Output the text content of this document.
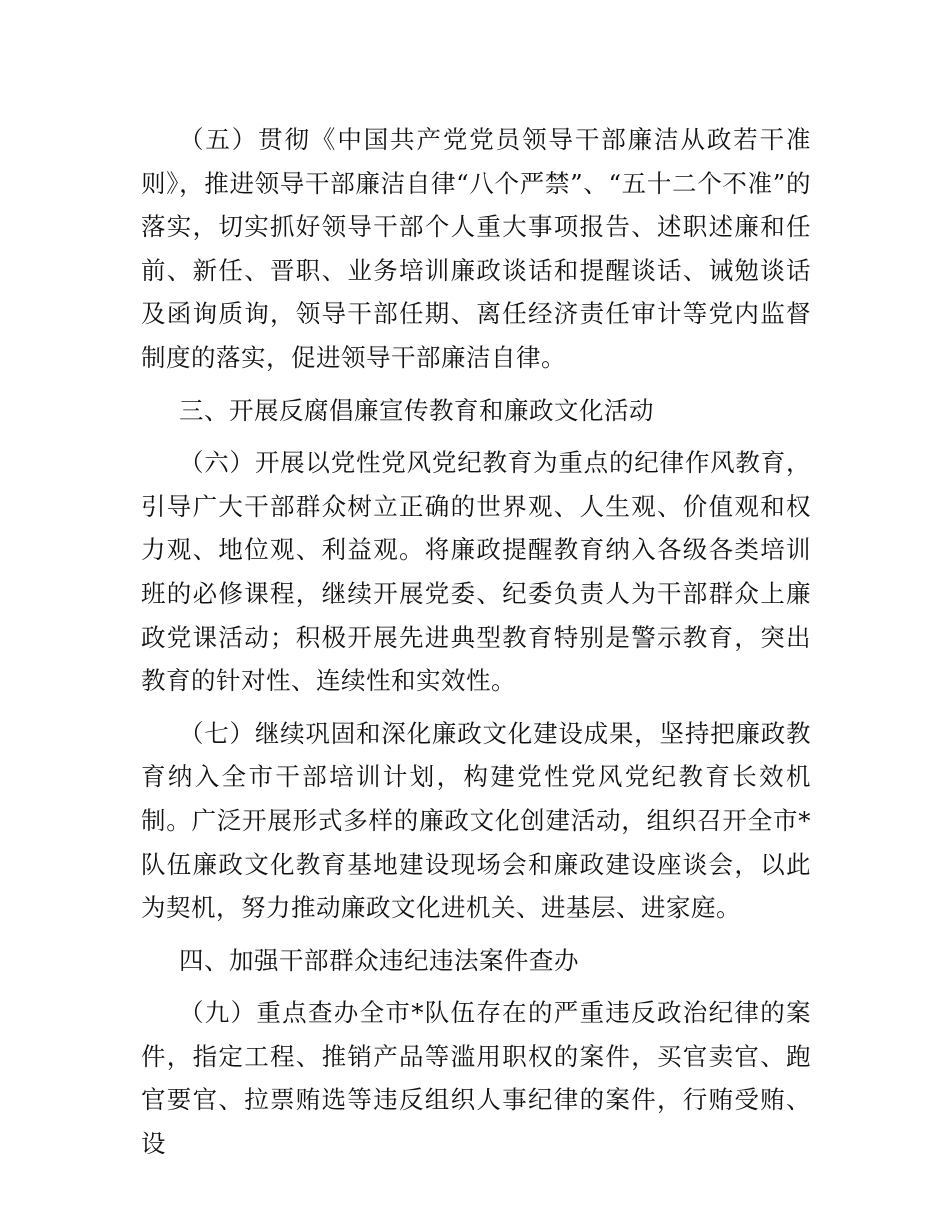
（五）贯彻《中国共产党党员领导干部廉洁从政若干准则》，推进领导干部廉洁自律“八个严禁”、“五十二个不准”的落实，切实抓好领导干部个人重大事项报告、述职述廉和任前、新任、晋职、业务培训廉政谈话和提醒谈话、诫勉谈话及函询质询，领导干部任期、离任经济责任审计等党内监督制度的落实，促进领导干部廉洁自律。

三、开展反腐倡廉宣传教育和廉政文化活动

（六）开展以党性党风党纪教育为重点的纪律作风教育，引导广大干部群众树立正确的世界观、人生观、价值观和权力观、地位观、利益观。将廉政提醒教育纳入各级各类培训班的必修课程，继续开展党委、纪委负责人为干部群众上廉政党课活动；积极开展先进典型教育特别是警示教育，突出教育的针对性、连续性和实效性。

（七）继续巩固和深化廉政文化建设成果，坚持把廉政教育纳入全市干部培训计划，构建党性党风党纪教育长效机制。广泛开展形式多样的廉政文化创建活动，组织召开全市*队伍廉政文化教育基地建设现场会和廉政建设座谈会，以此为契机，努力推动廉政文化进机关、进基层、进家庭。

四、加强干部群众违纪违法案件查办

（九）重点查办全市*队伍存在的严重违反政治纪律的案件，指定工程、推销产品等滥用职权的案件，买官卖官、跑官要官、拉票贿选等违反组织人事纪律的案件，行贿受贿、设
